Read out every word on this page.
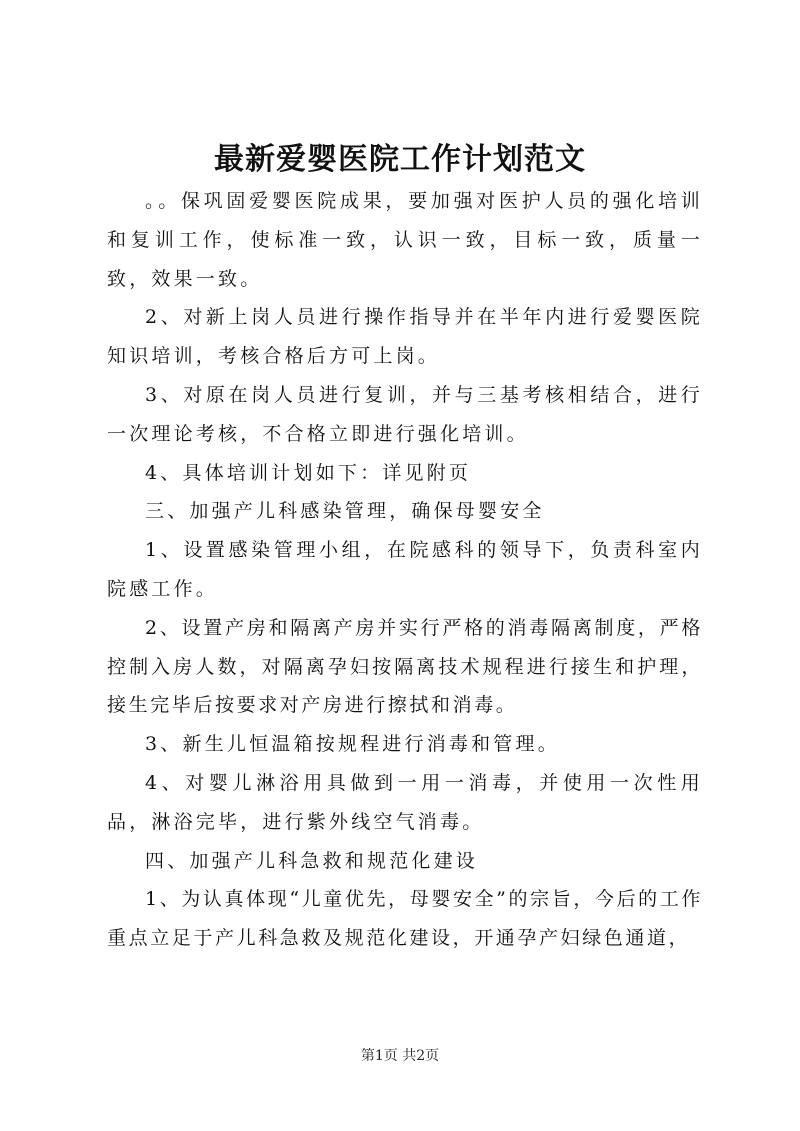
最新爱婴医院工作计划范文

。。保巩固爱婴医院成果，要加强对医护人员的强化培训和复训工作，使标准一致，认识一致，目标一致，质量一致，效果一致。

2、对新上岗人员进行操作指导并在半年内进行爱婴医院知识培训，考核合格后方可上岗。

3、对原在岗人员进行复训，并与三基考核相结合，进行一次理论考核，不合格立即进行强化培训。

4、具体培训计划如下：详见附页

三、加强产儿科感染管理，确保母婴安全

1、设置感染管理小组，在院感科的领导下，负责科室内院感工作。

2、设置产房和隔离产房并实行严格的消毒隔离制度，严格控制入房人数，对隔离孕妇按隔离技术规程进行接生和护理，接生完毕后按要求对产房进行擦拭和消毒。

3、新生儿恒温箱按规程进行消毒和管理。

4、对婴儿淋浴用具做到一用一消毒，并使用一次性用品，淋浴完毕，进行紫外线空气消毒。

四、加强产儿科急救和规范化建设

1、为认真体现“儿童优先，母婴安全”的宗旨，今后的工作重点立足于产儿科急救及规范化建设，开通孕产妇绿色通道，

第1页 共2页
